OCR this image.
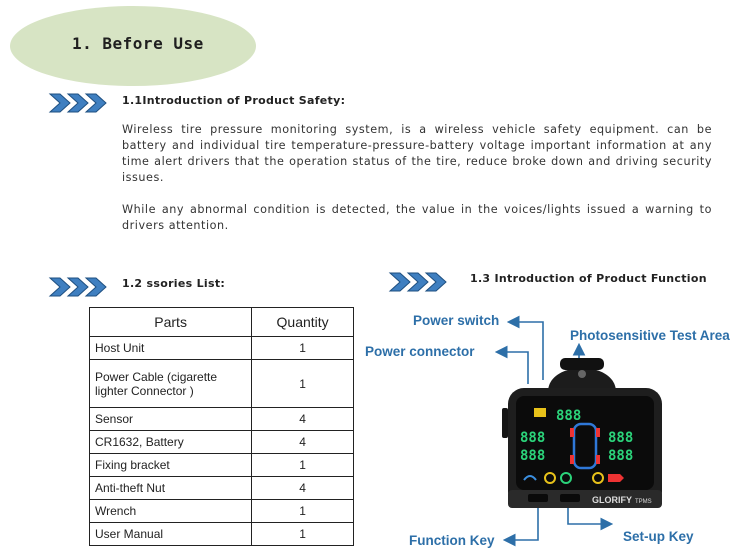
1. Before Use
1.1Introduction of Product Safety:
Wireless tire pressure monitoring system, is a wireless vehicle safety equipment. can be battery and individual tire temperature-pressure-battery voltage important information at any time alert drivers that the operation status of the tire, reduce broke down and driving security issues.
While any abnormal condition is detected, the value in the voices/lights issued a warning to drivers attention.
1.2 ssories List:	1.3 Introduction of Product Function
Parts	Quantity
Host Unit	1
Power Cable (cigarette lighter Connector )	1
Sensor	4
CR1632, Battery	4
Fixing bracket	1
Anti-theft Nut	4
Wrench	1
User Manual	1
Power switch
Power connector
Photosensitive Test Area
Function Key	Set-up Key
888
888
888
888
888
GLORIFY TPMS
